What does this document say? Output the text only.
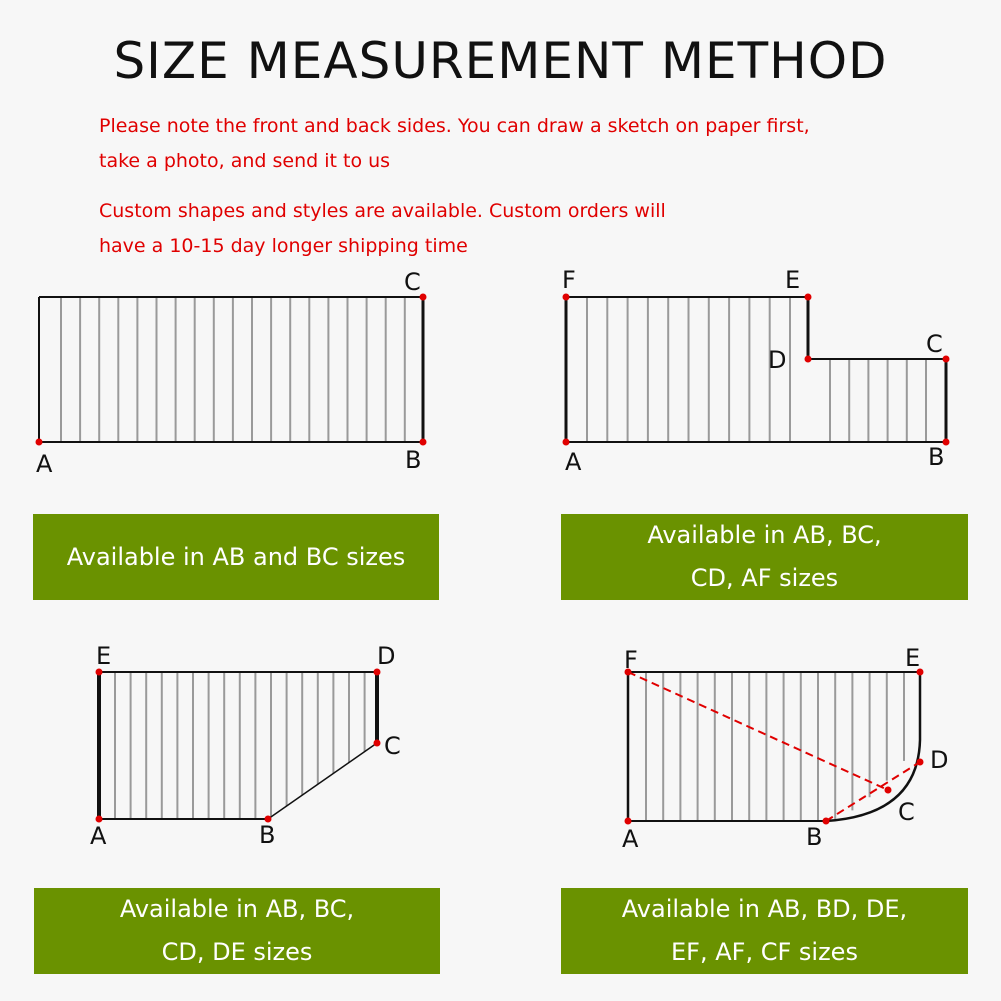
SIZE MEASUREMENT METHOD
Please note the front and back sides. You can draw a sketch on paper first,
take a photo, and send it to us
Custom shapes and styles are available. Custom orders will
have a 10-15 day longer shipping time
A	B
C
A	B
C
D
E
F
A	B
C
D
E
A	B
C
D
E
F
Available in AB and BC sizes
Available in AB, BC,
CD, AF sizes
Available in AB, BC,
CD, DE sizes
Available in AB, BD, DE,
EF, AF, CF sizes
